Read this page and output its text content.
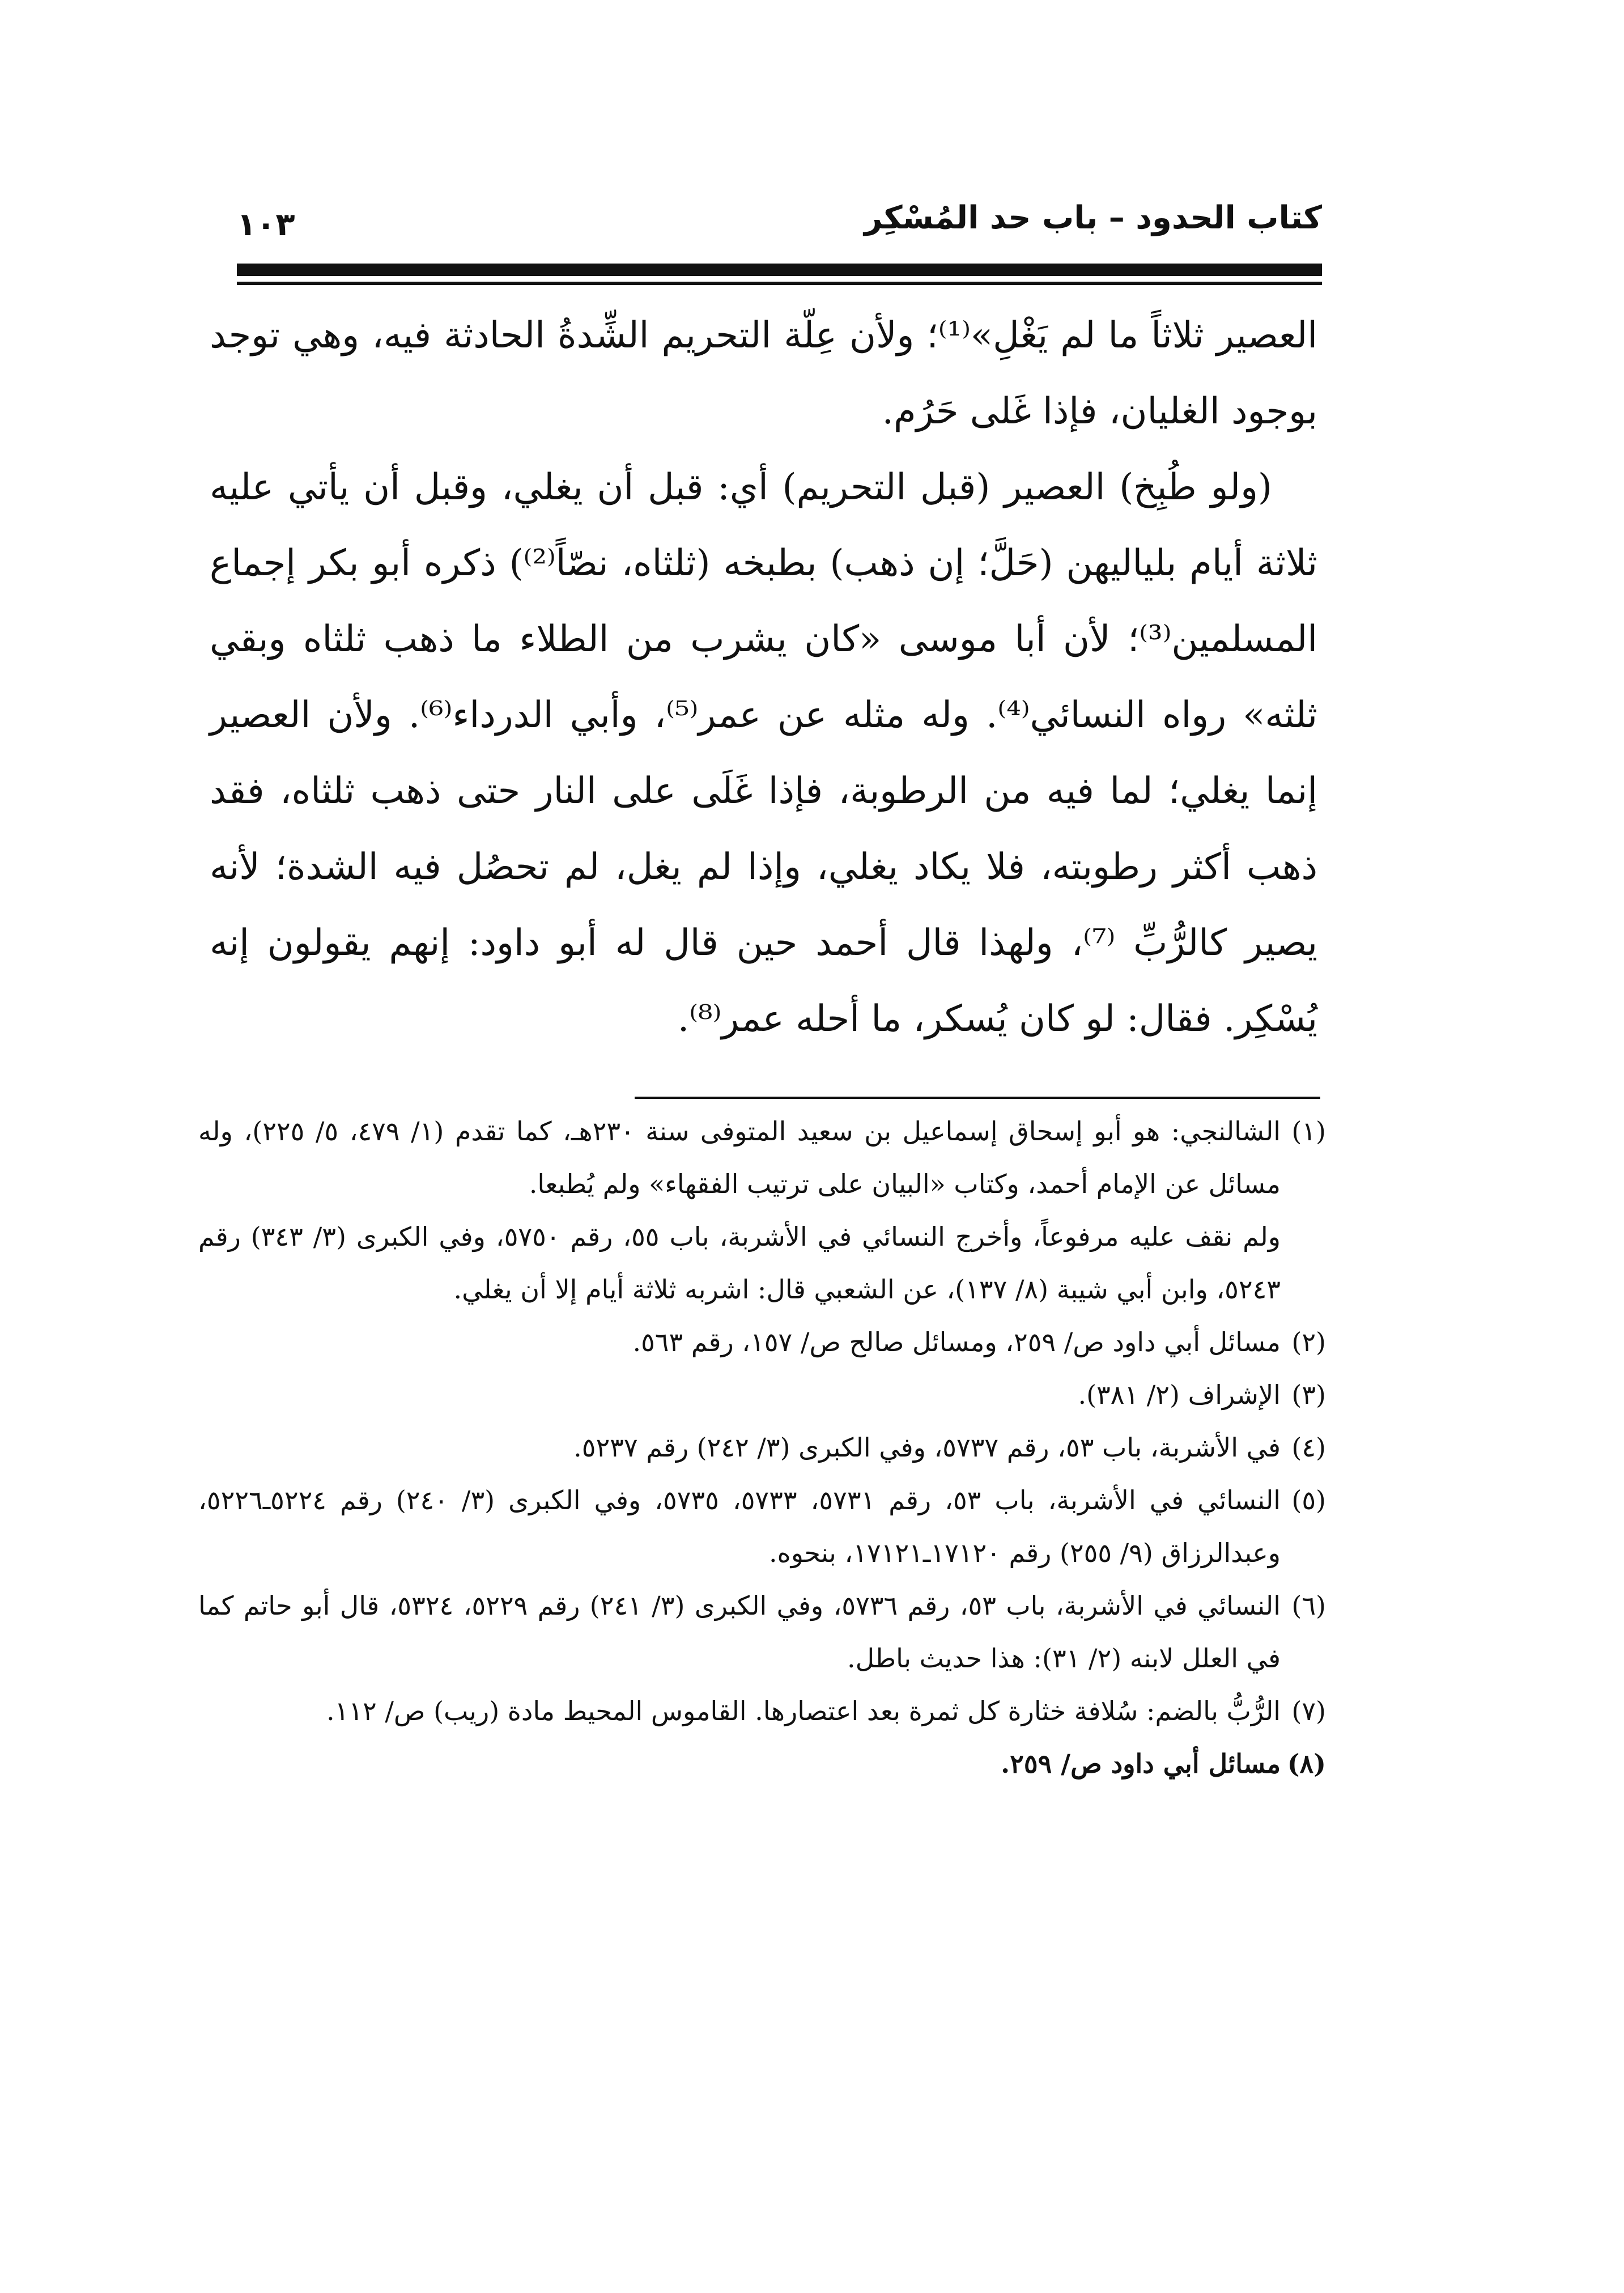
كتاب الحدود – باب حد المُسْكِر
١٠٣

العصير ثلاثاً ما لم يَغْلِ»⁽¹⁾؛ ولأن عِلّة التحريم الشِّدةُ الحادثة فيه، وهي توجد بوجود الغليان، فإذا غَلى حَرُم.

(ولو طُبِخ) العصير (قبل التحريم) أي: قبل أن يغلي، وقبل أن يأتي عليه ثلاثة أيام بلياليهن (حَلَّ؛ إن ذهب) بطبخه (ثلثاه، نصّاً⁽²⁾) ذكره أبو بكر إجماع المسلمين⁽³⁾؛ لأن أبا موسى «كان يشرب من الطلاء ما ذهب ثلثاه وبقي ثلثه» رواه النسائي⁽⁴⁾. وله مثله عن عمر⁽⁵⁾، وأبي الدرداء⁽⁶⁾. ولأن العصير إنما يغلي؛ لما فيه من الرطوبة، فإذا غَلَى على النار حتى ذهب ثلثاه، فقد ذهب أكثر رطوبته، فلا يكاد يغلي، وإذا لم يغل، لم تحصُل فيه الشدة؛ لأنه يصير كالرُّبِّ ⁽⁷⁾، ولهذا قال أحمد حين قال له أبو داود: إنهم يقولون إنه يُسْكِر. فقال: لو كان يُسكر، ما أحله عمر⁽⁸⁾.

(١)
الشالنجي: هو أبو إسحاق إسماعيل بن سعيد المتوفى سنة ٢٣٠هـ، كما تقدم (١/ ٤٧٩، ٥/ ٢٢٥)، وله مسائل عن الإمام أحمد، وكتاب «البيان على ترتيب الفقهاء» ولم يُطبعا.
ولم نقف عليه مرفوعاً، وأخرج النسائي في الأشربة، باب ٥٥، رقم ٥٧٥٠، وفي الكبرى (٣/ ٣٤٣) رقم ٥٢٤٣، وابن أبي شيبة (٨/ ١٣٧)، عن الشعبي قال: اشربه ثلاثة أيام إلا أن يغلي.
(٢)
مسائل أبي داود ص/ ٢٥٩، ومسائل صالح ص/ ١٥٧، رقم ٥٦٣.
(٣)
الإشراف (٢/ ٣٨١).
(٤)
في الأشربة، باب ٥٣، رقم ٥٧٣٧، وفي الكبرى (٣/ ٢٤٢) رقم ٥٢٣٧.
(٥)
النسائي في الأشربة، باب ٥٣، رقم ٥٧٣١، ٥٧٣٣، ٥٧٣٥، وفي الكبرى (٣/ ٢٤٠) رقم ٥٢٢٤ـ٥٢٢٦، وعبدالرزاق (٩/ ٢٥٥) رقم ١٧١٢٠ـ١٧١٢١، بنحوه.
(٦)
النسائي في الأشربة، باب ٥٣، رقم ٥٧٣٦، وفي الكبرى (٣/ ٢٤١) رقم ٥٢٢٩، ٥٣٢٤، قال أبو حاتم كما في العلل لابنه (٢/ ٣١): هذا حديث باطل.
(٧)
الرُّبُّ بالضم: سُلافة خثارة كل ثمرة بعد اعتصارها. القاموس المحيط مادة (ريب) ص/ ١١٢.
(٨)
مسائل أبي داود ص/ ٢٥٩.
